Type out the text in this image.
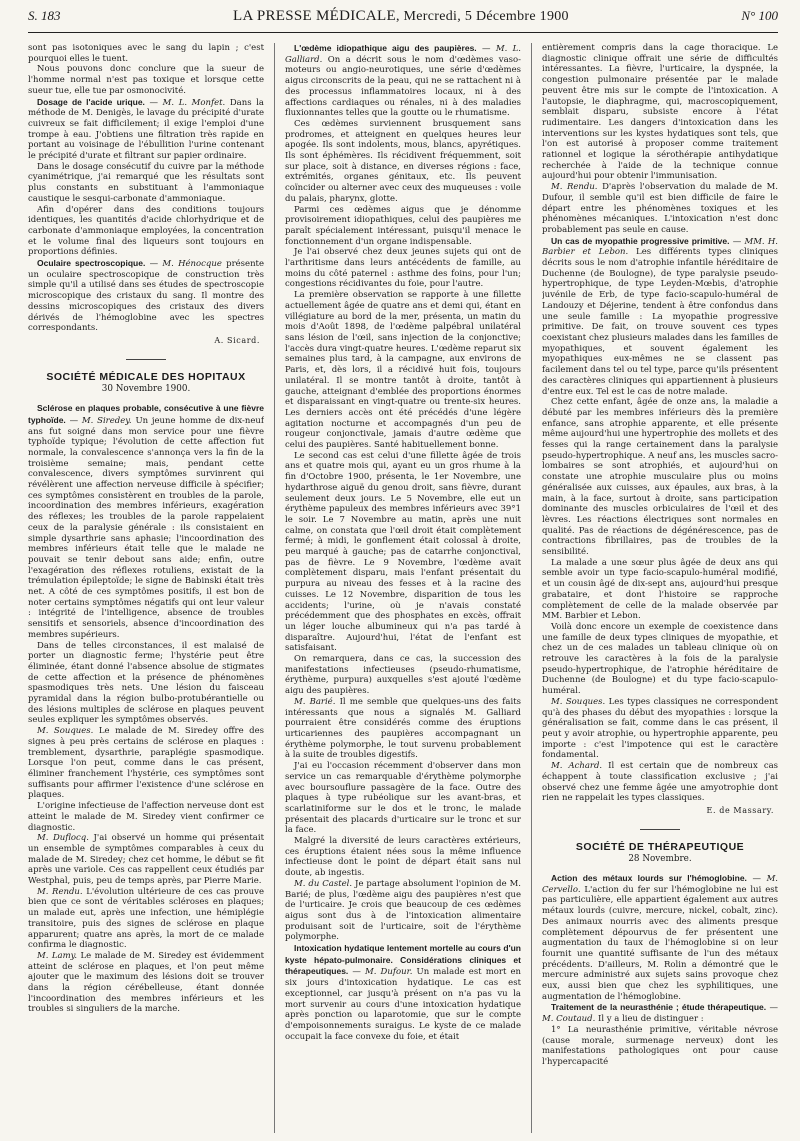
S. 183	LA PRESSE MÉDICALE, Mercredi, 5 Décembre 1900	N° 100

sont pas isotoniques avec le sang du lapin ; c'est pourquoi elles le tuent.

Nous pouvons donc conclure que la sueur de l'homme normal n'est pas toxique et lorsque cette sueur tue, elle tue par osmonocivité.

Dosage de l'acide urique. — M. L. Monfet. Dans la méthode de M. Denigès, le lavage du précipité d'urate cuivreux se fait difficilement; il exige l'emploi d'une trompe à eau. J'obtiens une filtration très rapide en portant au voisinage de l'ébullition l'urine contenant le précipité d'urate et filtrant sur papier ordinaire.

Dans le dosage consécutif du cuivre par la méthode cyanimétrique, j'ai remarqué que les résultats sont plus constants en substituant à l'ammoniaque caustique le sesqui-carbonate d'ammoniaque.

Afin d'opérer dans des conditions toujours identiques, les quantités d'acide chlorhydrique et de carbonate d'ammoniaque employées, la concentration et le volume final des liqueurs sont toujours en proportions définies.

Oculaire spectroscopique. — M. Hénocque présente un oculaire spectroscopique de construction très simple qu'il a utilisé dans ses études de spectroscopie microscopique des cristaux du sang. Il montre des dessins microscopiques des cristaux des divers dérivés de l'hémoglobine avec les spectres correspondants.

A. Sicard.
SOCIÉTÉ MÉDICALE DES HOPITAUX
30 Novembre 1900.

Sclérose en plaques probable, consécutive à une fièvre typhoïde. — M. Siredey. Un jeune homme de dix-neuf ans fut soigné dans mon service pour une fièvre typhoïde typique; l'évolution de cette affection fut normale, la convalescence s'annonça vers la fin de la troisième semaine; mais, pendant cette convalescence, divers symptômes survinrent qui révélèrent une affection nerveuse difficile à spécifier; ces symptômes consistèrent en troubles de la parole, incoordination des membres inférieurs, exagération des réflexes; les troubles de la parole rappelaient ceux de la paralysie générale : ils consistaient en simple dysarthrie sans aphasie; l'incoordination des membres inférieurs était telle que le malade ne pouvait se tenir debout sans aide; enfin, outre l'exagération des réflexes rotuliens, existait de la trémulation épileptoïde; le signe de Babinski était très net. A côté de ces symptômes positifs, il est bon de noter certains symptômes négatifs qui ont leur valeur : intégrité de l'intelligence, absence de troubles sensitifs et sensoriels, absence d'incoordination des membres supérieurs.

Dans de telles circonstances, il est malaisé de porter un diagnostic ferme; l'hystérie peut être éliminée, étant donné l'absence absolue de stigmates de cette affection et la présence de phénomènes spasmodiques très nets. Une lésion du faisceau pyramidal dans la région bulbo-protubérantielle ou des lésions multiples de sclérose en plaques peuvent seules expliquer les symptômes observés.

M. Souques. Le malade de M. Siredey offre des signes à peu près certains de sclérose en plaques : tremblement, dysarthrie, paraplégie spasmodique. Lorsque l'on peut, comme dans le cas présent, éliminer franchement l'hystérie, ces symptômes sont suffisants pour affirmer l'existence d'une sclérose en plaques.

L'origine infectieuse de l'affection nerveuse dont est atteint le malade de M. Siredey vient confirmer ce diagnostic.

M. Duflocq. J'ai observé un homme qui présentait un ensemble de symptômes comparables à ceux du malade de M. Siredey; chez cet homme, le début se fit après une variole. Ces cas rappellent ceux étudiés par Westphal, puis, peu de temps après, par Pierre Marie.

M. Rendu. L'évolution ultérieure de ces cas prouve bien que ce sont de véritables scléroses en plaques; un malade eut, après une infection, une hémiplégie transitoire, puis des signes de sclérose en plaque apparurent; quatre ans après, la mort de ce malade confirma le diagnostic.

M. Lamy. Le malade de M. Siredey est évidemment atteint de sclérose en plaques, et l'on peut même ajouter que le maximum des lésions doit se trouver dans la région cérébelleuse, étant donnée l'incoordination des membres inférieurs et les troubles si singuliers de la marche.

L'œdème idiopathique aigu des paupières. — M. L. Galliard. On a décrit sous le nom d'œdèmes vaso-moteurs ou angio-neurotiques, une série d'œdèmes aigus circonscrits de la peau, qui ne se rattachent ni à des processus inflammatoires locaux, ni à des affections cardiaques ou rénales, ni à des maladies fluxionnantes telles que la goutte ou le rhumatisme.

Ces œdèmes surviennent brusquement sans prodromes, et atteignent en quelques heures leur apogée. Ils sont indolents, mous, blancs, apyrétiques. Ils sont éphémères. Ils récidivent fréquemment, soit sur place, soit à distance, en diverses régions : face, extrémités, organes génitaux, etc. Ils peuvent coïncider ou alterner avec ceux des muqueuses : voile du palais, pharynx, glotte.

Parmi ces œdèmes aigus que je dénomme provisoirement idiopathiques, celui des paupières me paraît spécialement intéressant, puisqu'il menace le fonctionnement d'un organe indispensable.

Je l'ai observé chez deux jeunes sujets qui ont de l'arthritisme dans leurs antécédents de famille, au moins du côté paternel : asthme des foins, pour l'un; congestions récidivantes du foie, pour l'autre.

La première observation se rapporte à une fillette actuellement âgée de quatre ans et demi qui, étant en villégiature au bord de la mer, présenta, un matin du mois d'Août 1898, de l'œdème palpébral unilatéral sans lésion de l'œil, sans injection de la conjonctive; l'accès dura vingt-quatre heures. L'œdème reparut six semaines plus tard, à la campagne, aux environs de Paris, et, dès lors, il a récidivé huit fois, toujours unilatéral. Il se montre tantôt à droite, tantôt à gauche, atteignant d'emblée des proportions énormes et disparaissant en vingt-quatre ou trente-six heures. Les derniers accès ont été précédés d'une légère agitation nocturne et accompagnés d'un peu de rougeur conjonctivale, jamais d'autre œdème que celui des paupières. Santé habituellement bonne.

Le second cas est celui d'une fillette âgée de trois ans et quatre mois qui, ayant eu un gros rhume à la fin d'Octobre 1900, présenta, le 1er Novembre, une hydarthrose aiguë du genou droit, sans fièvre, durant seulement deux jours. Le 5 Novembre, elle eut un érythème papuleux des membres inférieurs avec 39°1 le soir. Le 7 Novembre au matin, après une nuit calme, on constata que l'œil droit était complètement fermé; à midi, le gonflement était colossal à droite, peu marqué à gauche; pas de catarrhe conjonctival, pas de fièvre. Le 9 Novembre, l'œdème avait complètement disparu, mais l'enfant présentait du purpura au niveau des fesses et à la racine des cuisses. Le 12 Novembre, disparition de tous les accidents; l'urine, où je n'avais constaté précédemment que des phosphates en excès, offrait un léger louche albumineux qui n'a pas tardé à disparaître. Aujourd'hui, l'état de l'enfant est satisfaisant.

On remarquera, dans ce cas, la succession des manifestations infectieuses (pseudo-rhumatisme, érythème, purpura) auxquelles s'est ajouté l'œdème aigu des paupières.

M. Barié. Il me semble que quelques-uns des faits intéressants que nous a signalés M. Galliard pourraient être considérés comme des éruptions urticariennes des paupières accompagnant un érythème polymorphe, le tout survenu probablement à la suite de troubles digestifs.

J'ai eu l'occasion récemment d'observer dans mon service un cas remarquable d'érythème polymorphe avec boursouflure passagère de la face. Outre des plaques à type rubéolique sur les avant-bras, et scarlatiniforme sur le dos et le tronc, le malade présentait des placards d'urticaire sur le tronc et sur la face.

Malgré la diversité de leurs caractères extérieurs, ces éruptions étaient nées sous la même influence infectieuse dont le point de départ était sans nul doute, ab ingestis.

M. du Castel. Je partage absolument l'opinion de M. Barié; de plus, l'œdème aigu des paupières n'est que de l'urticaire. Je crois que beaucoup de ces œdèmes aigus sont dus à de l'intoxication alimentaire produisant soit de l'urticaire, soit de l'érythème polymorphe.

Intoxication hydatique lentement mortelle au cours d'un kyste hépato-pulmonaire. Considérations cliniques et thérapeutiques. — M. Dufour. Un malade est mort en six jours d'intoxication hydatique. Le cas est exceptionnel, car jusqu'à présent on n'a pas vu la mort survenir au cours d'une intoxication hydatique après ponction ou laparotomie, que sur le compte d'empoisonnements suraigus. Le kyste de ce malade occupait la face convexe du foie, et était

entièrement compris dans la cage thoracique. Le diagnostic clinique offrait une série de difficultés intéressantes. La fièvre, l'urticaire, la dyspnée, la congestion pulmonaire présentée par le malade peuvent être mis sur le compte de l'intoxication. A l'autopsie, le diaphragme, qui, macroscopiquement, semblait disparu, subsiste encore à l'état rudimentaire. Les dangers d'intoxication dans les interventions sur les kystes hydatiques sont tels, que l'on est autorisé à proposer comme traitement rationnel et logique la sérothérapie antihydatique recherchée à l'aide de la technique connue aujourd'hui pour obtenir l'immunisation.

M. Rendu. D'après l'observation du malade de M. Dufour, il semble qu'il est bien difficile de faire le départ entre les phénomènes toxiques et les phénomènes mécaniques. L'intoxication n'est donc probablement pas seule en cause.

Un cas de myopathie progressive primitive. — MM. H. Barbier et Lebon. Les différents types cliniques décrits sous le nom d'atrophie infantile héréditaire de Duchenne (de Boulogne), de type paralysie pseudo-hypertrophique, de type Leyden-Mœbis, d'atrophie juvénile de Erb, de type facio-scapulo-huméral de Landouzy et Déjerine, tendent à être confondus dans une seule famille : La myopathie progressive primitive. De fait, on trouve souvent ces types coexistant chez plusieurs malades dans les familles de myopathiques, et souvent également les myopathiques eux-mêmes ne se classent pas facilement dans tel ou tel type, parce qu'ils présentent des caractères cliniques qui appartiennent à plusieurs d'entre eux. Tel est le cas de notre malade.

Chez cette enfant, âgée de onze ans, la maladie a débuté par les membres inférieurs dès la première enfance, sans atrophie apparente, et elle présente même aujourd'hui une hypertrophie des mollets et des fesses qui la range certainement dans la paralysie pseudo-hypertrophique. A neuf ans, les muscles sacro-lombaires se sont atrophiés, et aujourd'hui on constate une atrophie musculaire plus ou moins généralisée aux cuisses, aux épaules, aux bras, à la main, à la face, surtout à droite, sans participation dominante des muscles orbiculaires de l'œil et des lèvres. Les réactions électriques sont normales en qualité. Pas de réactions de dégénérescence, pas de contractions fibrillaires, pas de troubles de la sensibilité.

La malade a une sœur plus âgée de deux ans qui semble avoir un type facio-scapulo-huméral modifié, et un cousin âgé de dix-sept ans, aujourd'hui presque grabataire, et dont l'histoire se rapproche complètement de celle de la malade observée par MM. Barbier et Lebon.

Voilà donc encore un exemple de coexistence dans une famille de deux types cliniques de myopathie, et chez un de ces malades un tableau clinique où on retrouve les caractères à la fois de la paralysie pseudo-hypertrophique, de l'atrophie héréditaire de Duchenne (de Boulogne) et du type facio-scapulo-huméral.

M. Souques. Les types classiques ne correspondent qu'à des phases du début des myopathies : lorsque la généralisation se fait, comme dans le cas présent, il peut y avoir atrophie, ou hypertrophie apparente, peu importe : c'est l'impotence qui est le caractère fondamental.

M. Achard. Il est certain que de nombreux cas échappent à toute classification exclusive ; j'ai observé chez une femme âgée une amyotrophie dont rien ne rappelait les types classiques.

E. de Massary.
SOCIÉTÉ DE THÉRAPEUTIQUE
28 Novembre.

Action des métaux lourds sur l'hémoglobine. — M. Cervello. L'action du fer sur l'hémoglobine ne lui est pas particulière, elle appartient également aux autres métaux lourds (cuivre, mercure, nickel, cobalt, zinc). Des animaux nourris avec des aliments presque complètement dépourvus de fer présentent une augmentation du taux de l'hémoglobine si on leur fournit une quantité suffisante de l'un des métaux précédents. D'ailleurs, M. Rolin a démontré que le mercure administré aux sujets sains provoque chez eux, aussi bien que chez les syphilitiques, une augmentation de l'hémoglobine.

Traitement de la neurasthénie ; étude thérapeutique. — M. Coutaud. Il y a lieu de distinguer :

1° La neurasthénie primitive, véritable névrose (cause morale, surmenage nerveux) dont les manifestations pathologiques ont pour cause l'hypercapacité
